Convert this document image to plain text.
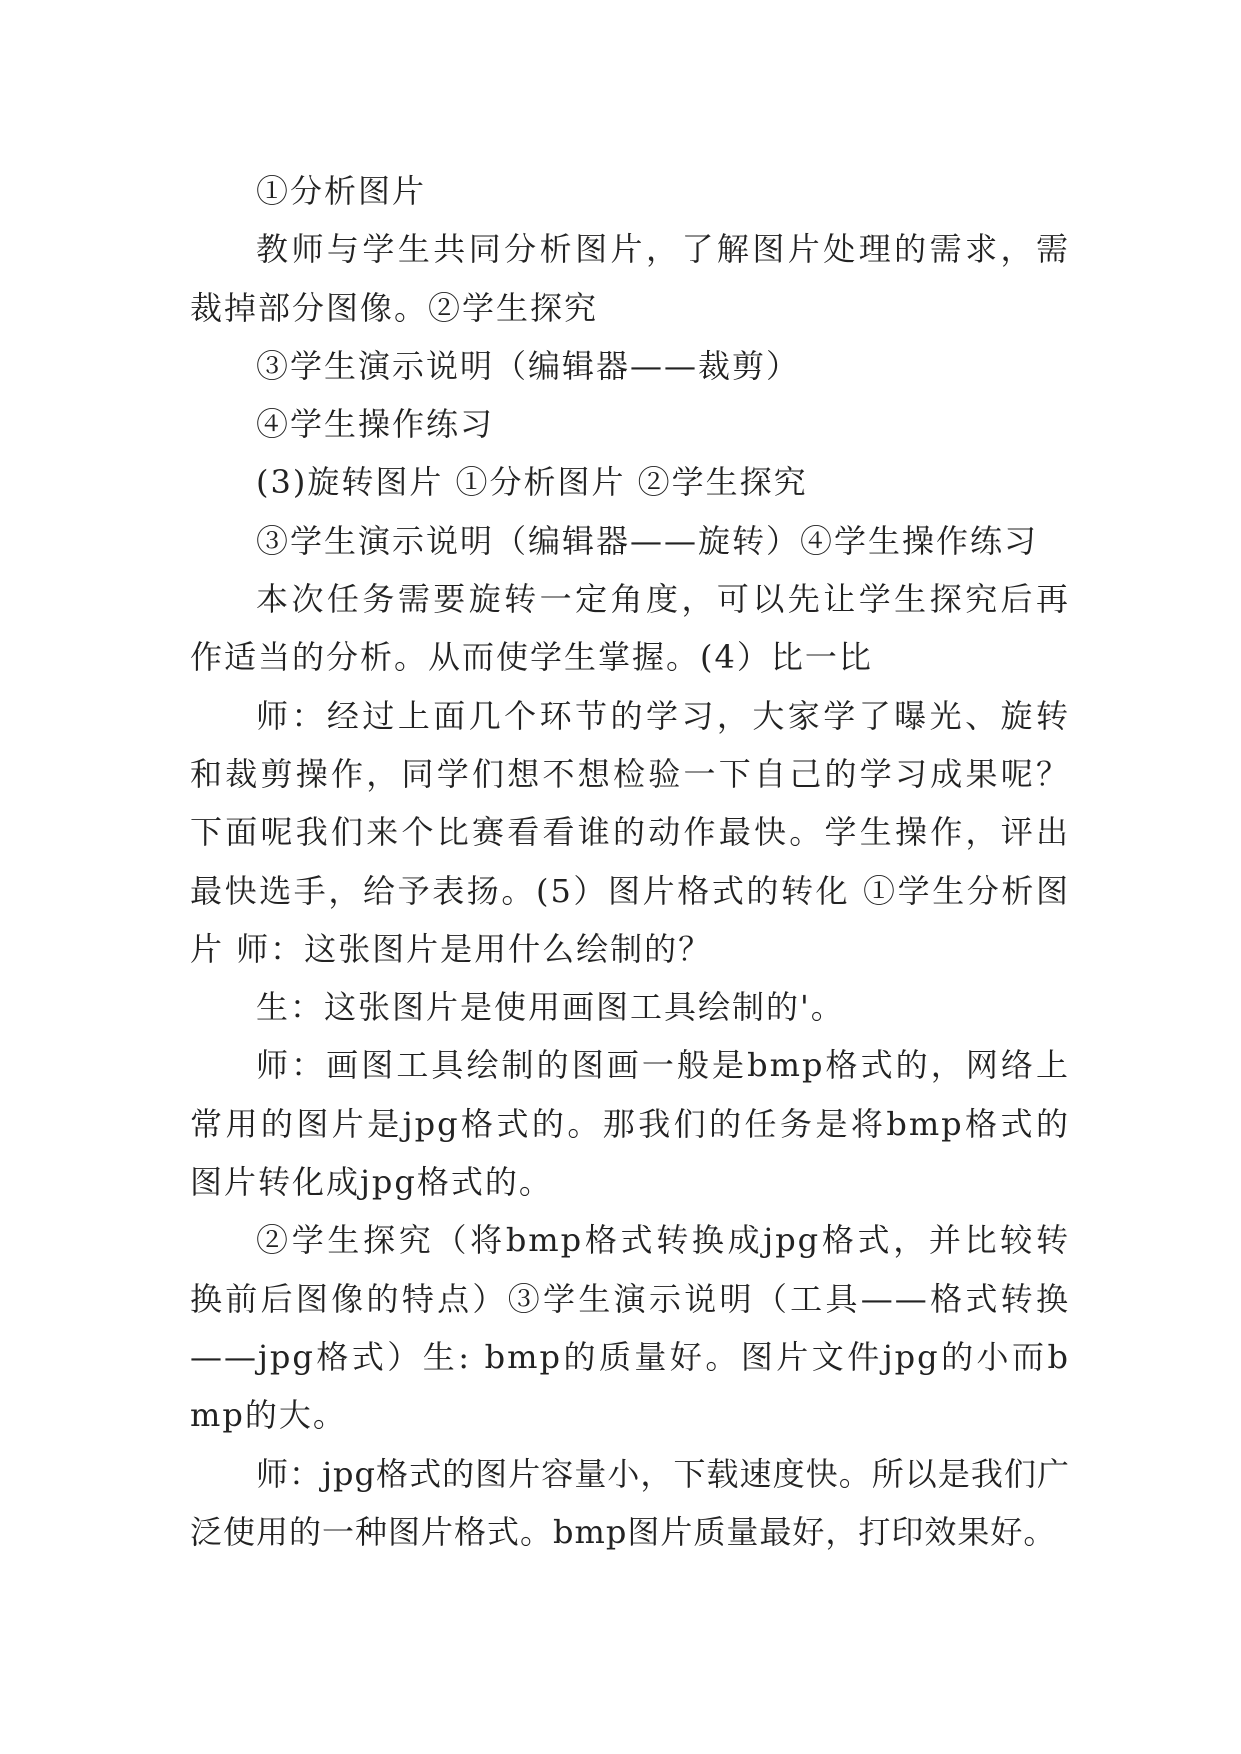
①分析图片

教师与学生共同分析图片，了解图片处理的需求，需裁掉部分图像。②学生探究

③学生演示说明（编辑器——裁剪）

④学生操作练习

(3)旋转图片 ①分析图片 ②学生探究

③学生演示说明（编辑器——旋转）④学生操作练习

本次任务需要旋转一定角度，可以先让学生探究后再作适当的分析。从而使学生掌握。(4）比一比

师：经过上面几个环节的学习，大家学了曝光、旋转和裁剪操作，同学们想不想检验一下自己的学习成果呢？下面呢我们来个比赛看看谁的动作最快。学生操作，评出最快选手，给予表扬。(5）图片格式的转化 ①学生分析图片 师：这张图片是用什么绘制的？

生：这张图片是使用画图工具绘制的'。

师：画图工具绘制的图画一般是bmp格式的，网络上常用的图片是jpg格式的。那我们的任务是将bmp格式的图片转化成jpg格式的。

②学生探究（将bmp格式转换成jpg格式，并比较转换前后图像的特点）③学生演示说明（工具——格式转换——jpg格式）生: bmp的质量好。图片文件jpg的小而bmp的大。

师：jpg格式的图片容量小，下载速度快。所以是我们广泛使用的一种图片格式。bmp图片质量最好，打印效果好。
